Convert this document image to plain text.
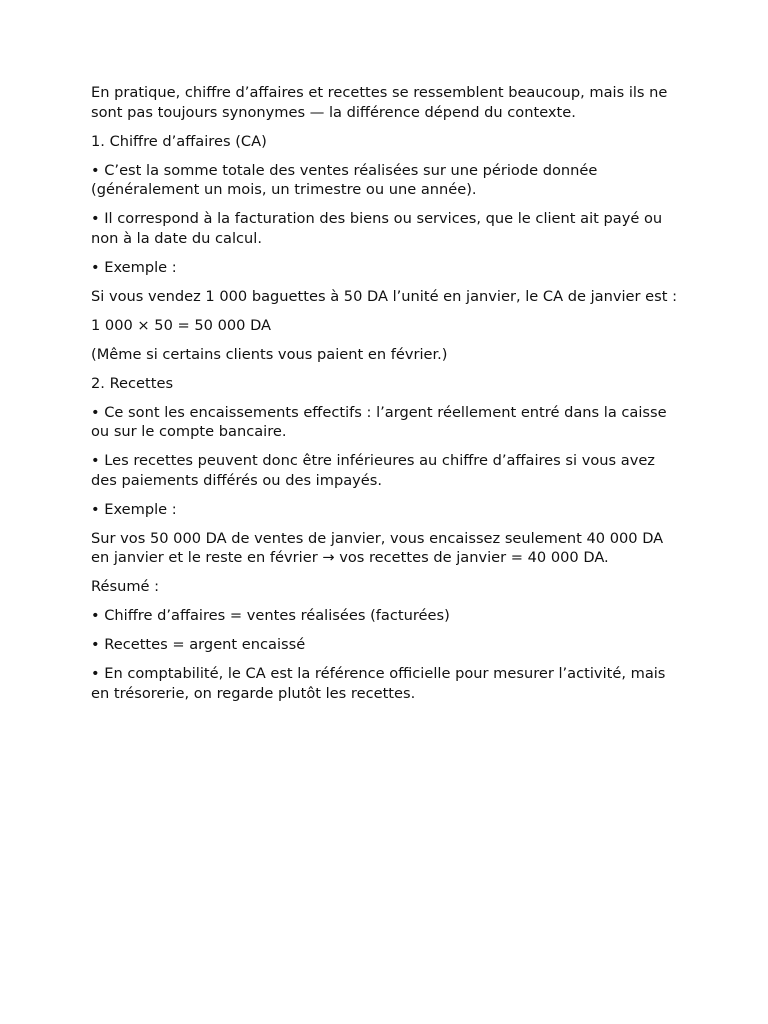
En pratique, chiffre d’affaires et recettes se ressemblent beaucoup, mais ils ne sont pas toujours synonymes — la différence dépend du contexte.

1. Chiffre d’affaires (CA)

• C’est la somme totale des ventes réalisées sur une période donnée (généralement un mois, un trimestre ou une année).

• Il correspond à la facturation des biens ou services, que le client ait payé ou non à la date du calcul.

• Exemple :

Si vous vendez 1 000 baguettes à 50 DA l’unité en janvier, le CA de janvier est :

1 000 × 50 = 50 000 DA

(Même si certains clients vous paient en février.)

2. Recettes

• Ce sont les encaissements effectifs : l’argent réellement entré dans la caisse ou sur le compte bancaire.

• Les recettes peuvent donc être inférieures au chiffre d’affaires si vous avez des paiements différés ou des impayés.

• Exemple :

Sur vos 50 000 DA de ventes de janvier, vous encaissez seulement 40 000 DA en janvier et le reste en février → vos recettes de janvier = 40 000 DA.

Résumé :

• Chiffre d’affaires = ventes réalisées (facturées)

• Recettes = argent encaissé

• En comptabilité, le CA est la référence officielle pour mesurer l’activité, mais en trésorerie, on regarde plutôt les recettes.
